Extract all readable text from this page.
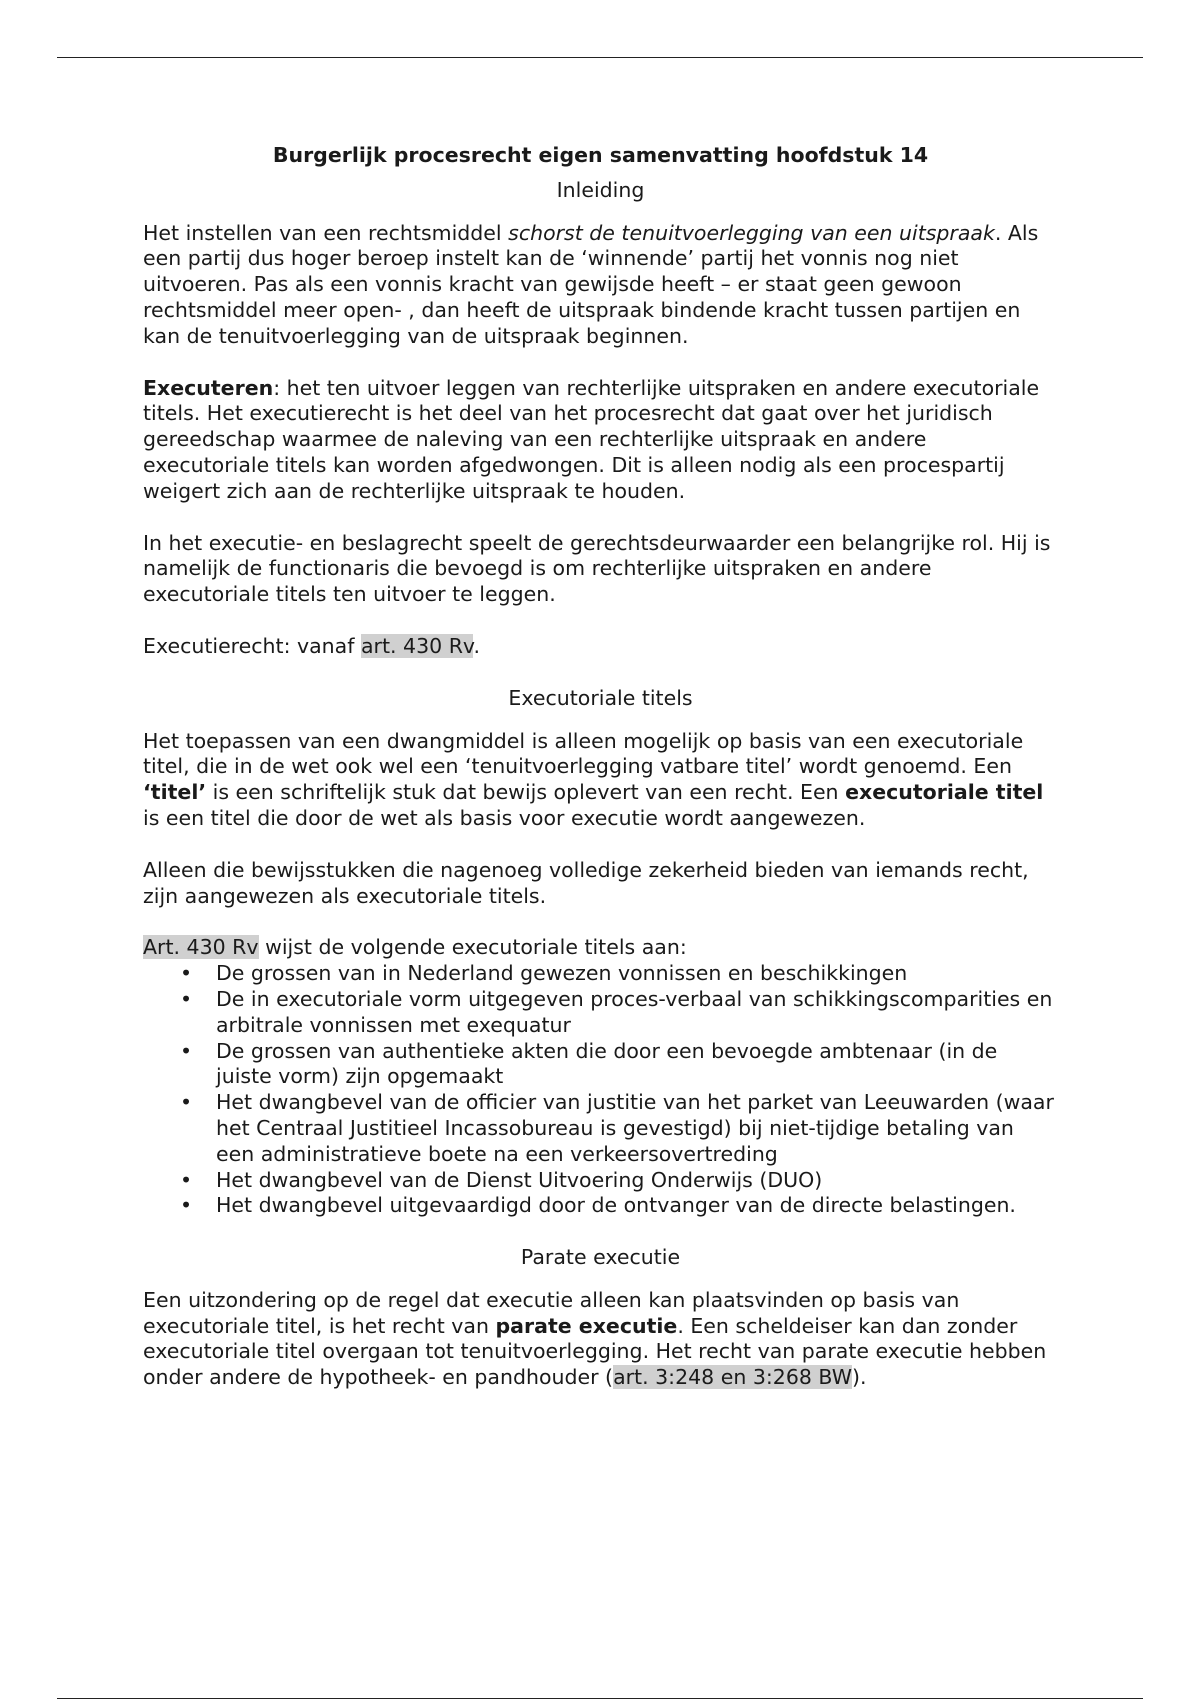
Burgerlijk procesrecht eigen samenvatting hoofdstuk 14
Inleiding

Het instellen van een rechtsmiddel schorst de tenuitvoerlegging van een uitspraak. Als een partij dus hoger beroep instelt kan de ‘winnende’ partij het vonnis nog niet uitvoeren. Pas als een vonnis kracht van gewijsde heeft – er staat geen gewoon rechtsmiddel meer open- , dan heeft de uitspraak bindende kracht tussen partijen en kan de tenuitvoerlegging van de uitspraak beginnen.

Executeren: het ten uitvoer leggen van rechterlijke uitspraken en andere executoriale titels. Het executierecht is het deel van het procesrecht dat gaat over het juridisch gereedschap waarmee de naleving van een rechterlijke uitspraak en andere executoriale titels kan worden afgedwongen. Dit is alleen nodig als een procespartij weigert zich aan de rechterlijke uitspraak te houden.

In het executie- en beslagrecht speelt de gerechtsdeurwaarder een belangrijke rol. Hij is namelijk de functionaris die bevoegd is om rechterlijke uitspraken en andere executoriale titels ten uitvoer te leggen.

Executierecht: vanaf art. 430 Rv.

Executoriale titels

Het toepassen van een dwangmiddel is alleen mogelijk op basis van een executoriale titel, die in de wet ook wel een ‘tenuitvoerlegging vatbare titel’ wordt genoemd. Een ‘titel’ is een schriftelijk stuk dat bewijs oplevert van een recht. Een executoriale titel is een titel die door de wet als basis voor executie wordt aangewezen.

Alleen die bewijsstukken die nagenoeg volledige zekerheid bieden van iemands recht, zijn aangewezen als executoriale titels.

Art. 430 Rv wijst de volgende executoriale titels aan:

• De grossen van in Nederland gewezen vonnissen en beschikkingen
• De in executoriale vorm uitgegeven proces-verbaal van schikkingscomparities en arbitrale vonnissen met exequatur
• De grossen van authentieke akten die door een bevoegde ambtenaar (in de juiste vorm) zijn opgemaakt
• Het dwangbevel van de officier van justitie van het parket van Leeuwarden (waar het Centraal Justitieel Incassobureau is gevestigd) bij niet-tijdige betaling van een administratieve boete na een verkeersovertreding
• Het dwangbevel van de Dienst Uitvoering Onderwijs (DUO)
• Het dwangbevel uitgevaardigd door de ontvanger van de directe belastingen.
Parate executie

Een uitzondering op de regel dat executie alleen kan plaatsvinden op basis van executoriale titel, is het recht van parate executie. Een scheldeiser kan dan zonder executoriale titel overgaan tot tenuitvoerlegging. Het recht van parate executie hebben onder andere de hypotheek- en pandhouder (art. 3:248 en 3:268 BW).
